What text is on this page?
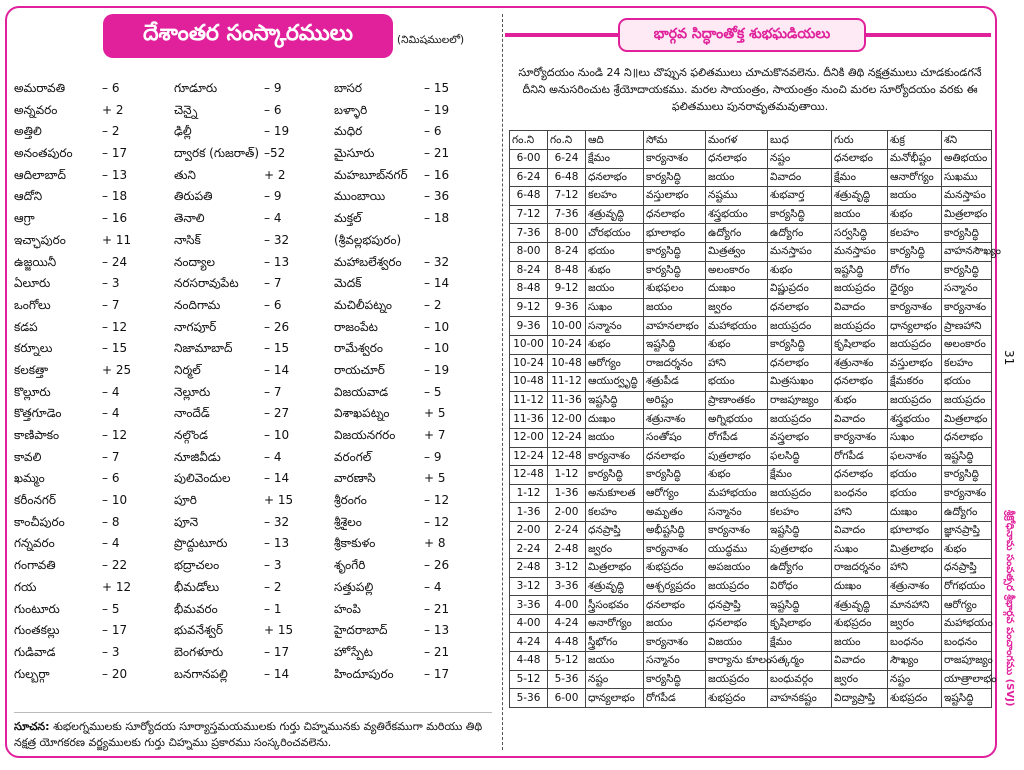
దేశాంతర సంస్కారములు	(నిమిషములలో)	భార్గవ సిద్ధాంతోక్త శుభఘడియలు
అమరావతి	– 6	గూడూరు	– 9	బాసర	– 15
అన్నవరం	+ 2	చెన్నై	– 6	బళ్ళారి	– 19
అత్తిలి	– 2	ఢిల్లీ	– 19	మధిర	– 6
అనంతపురం – 17	ద్వారక (గుజరాత్) –52	మైసూరు	– 21
ఆదిలాబాద్	– 13	తుని	+ 2	మహబూబ్‌నగర్ – 16
ఆదోని	– 18	తిరుపతి	– 9	ముంబాయి	– 36
ఆగ్రా	– 16	తెనాలి	– 4	మక్తల్	– 18
ఇచ్ఛాపురం	+ 11	నాసిక్	– 32	(శ్రీవల్లభపురం)
ఉజ్జయినీ	– 24	నంద్యాల	– 13	మహాబలేశ్వరం – 32
ఏలూరు	– 3	నరసరావుపేట – 7	మెదక్	– 14
ఒంగోలు	– 7	నందిగామ	– 6	మచిలీపట్నం	– 2
కడప	– 12	నాగపూర్	– 26	రాజంపేట	– 10
కర్నూలు	– 15	నిజామాబాద్	– 15	రామేశ్వరం	– 10
కలకత్తా	+ 25	నిర్మల్	– 14	రాయచూర్	– 19
కొల్లూరు	– 4	నెల్లూరు	– 7	విజయవాడ	– 5
కొత్తగూడెం	– 4	నాందేడ్	– 27	విశాఖపట్నం	+ 5
కాణిపాకం	– 12	నల్గొండ	– 10	విజయనగరం + 7
కావలి	– 7	నూజివీడు	– 4	వరంగల్	– 9
ఖమ్మం	– 6	పులివెందుల	– 14	వారణాసి	+ 5
కరీంనగర్	– 10	పూరి	+ 15	శ్రీరంగం	– 12
కాంచీపురం	– 8	పూనె	– 32	శ్రీశైలం	– 12
గన్నవరం	– 4	ప్రొద్దుటూరు	– 13	శ్రీకాకుళం	+ 8
గంగావతి	– 22	భద్రాచలం	– 3	శృంగేరి	– 26
గయ	+ 12	భీమడోలు	– 2	సత్తుపల్లి	– 4
గుంటూరు	– 5	భీమవరం	– 1	హంపి	– 21
గుంతకల్లు	– 17	భువనేశ్వర్	+ 15	హైదరాబాద్	– 13
గుడివాడ	– 3	బెంగళూరు	– 17	హోస్పేట	– 21
గుల్బర్గా	– 20	బనగానపల్లి	– 14	హిందూపురం	– 17
సూచన: శుభలగ్నములకు సూర్యోదయ సూర్యాస్తమయములకు గుర్తు చిహ్నమునకు వ్యతిరేకముగా మరియు తిథి నక్షత్ర యోగకరణ వర్జ్యములకు గుర్తు చిహ్నము ప్రకారము సంస్కరించవలెను.
సూర్యోదయం నుండి 24 ని॥లు చొప్పున ఫలితములు చూచుకొనవలెను. దీనికి తిథి నక్షత్రములు చూడకుండగనే దీనిని అనుసరించుట శ్రేయోదాయకము. మరల సాయంత్రం, సాయంత్రం నుంచి మరల సూర్యోదయం వరకు ఈ ఫలితములు పునరావృతమవుతాయి.
గం.ని	గం.ని	ఆది	సోమ	మంగళ	బుధ	గురు	శుక్ర	శని
6-00	6-24	క్షేమం	కార్యనాశం	ధనలాభం	నష్టం	ధనలాభం	మనోభీష్టం	అతిభయం
6-24	6-48	ధనలాభం	కార్యసిద్ధి	జయం	వివాదం	క్షేమం	ఆనారోగ్యం	సుఖము
6-48	7-12	కలహం	వస్తులాభం	నష్టము	శుభవార్త	శత్రువృద్ధి	జయం	మనస్తాపం
7-12	7-36	శత్రువృద్ధి	ధనలాభం	శస్త్రభయం	కార్యసిద్ధి	జయం	శుభం	మిత్రలాభం
7-36	8-00	చోరభయం	భూలాభం	ఉద్యోగం	ఉద్యోగం	సర్వసిద్ధి	కలహం	కార్యసిద్ధి
8-00	8-24	భయం	కార్యసిద్ధి	మిత్రత్వం	మనస్తాపం	మనస్తాపం	కార్యసిద్ధి	వాహనసౌఖ్యం
8-24	8-48	శుభం	కార్యసిద్ధి	అలంకారం	శుభం	ఇష్టసిద్ధి	రోగం	కార్యసిద్ధి
8-48	9-12	జయం	శుభఫలం	దుఃఖం	విష్ణుప్రదం	జయప్రదం	ధైర్యం	సన్మానం
9-12	9-36	సుఖం	జయం	జ్వరం	ధనలాభం	వివాదం	కార్యనాశం	కార్యనాశం
9-36	10-00	సన్మానం	వాహనలాభం	మహాభయం	జయప్రదం	జయప్రదం	ధాన్యలాభం	ప్రాణహాని
10-00	10-24	శుభం	ఇష్టసిద్ధి	శుభం	కార్యసిద్ధి	కృషిలాభం	జయప్రదం	అలంకారం
10-24	10-48	ఆరోగ్యం	రాజదర్శనం	హాని	ధనలాభం	శత్రునాశం	వస్తులాభం	కలహం
10-48	11-12	ఆయుర్వృద్ధి	శత్రుపీడ	భయం	మిత్రసుఖం	ధనలాభం	క్షేమకరం	భయం
11-12	11-36	ఇష్టసిద్ధి	అరిష్టం	ప్రాణాంతకం	రాజపూజ్యం	శుభం	జయప్రదం	జయప్రదం
11-36	12-00	దుఃఖం	శత్రునాశం	అగ్నిభయం	జయప్రదం	వివాదం	శస్త్రభయం	మిత్రలాభం
12-00	12-24	జయం	సంతోషం	రోగపీడ	వస్త్రలాభం	కార్యనాశం	సుఖం	ధనలాభం
12-24	12-48	కార్యనాశం	ధనలాభం	పుత్రలాభం	ఫలసిద్ధి	రోగపీడ	ఫలనాశం	ఇష్టసిద్ధి
12-48	1-12	కార్యసిద్ధి	కార్యసిద్ధి	శుభం	క్షేమం	ధనలాభం	భయం	కార్యసిద్ధి
1-12	1-36	అనుకూలత	ఆరోగ్యం	మహాభయం	జయప్రదం	బంధనం	భయం	కార్యనాశం
1-36	2-00	కలహం	అమృతం	సన్మానం	కలహం	హాని	దుఃఖం	ఉద్యోగం
2-00	2-24	ధనప్రాప్తి	అభీష్టసిద్ధి	కార్యనాశం	ఇష్టసిద్ధి	వివాదం	భూలాభం	జ్ఞానప్రాప్తి
2-24	2-48	జ్వరం	కార్యనాశం	యుద్ధము	పుత్రలాభం	సుఖం	మిత్రలాభం	శుభం
2-48	3-12	మిత్రలాభం	శుభప్రదం	అపజయం	ఉద్యోగం	రాజదర్శనం	హాని	ధనప్రాప్తి
3-12	3-36	శత్రువృద్ధి	ఆశ్చర్యప్రదం	జయప్రదం	విరోధం	దుఃఖం	శత్రునాశం	రోగభయం
3-36	4-00	స్త్రీసంభవం	ధనలాభం	ధనప్రాప్తి	ఇష్టసిద్ధి	శత్రువృద్ధి	మానహాని	ఆరోగ్యం
4-00	4-24	అనారోగ్యం	జయం	ధనలాభం	కృషిలాభం	శుభప్రదం	జ్వరం	మహాభయం
4-24	4-48	స్త్రీభోగం	కార్యనాశం	విజయం	క్షేమం	జయం	బంధనం	బంధనం
4-48	5-12	జయం	సన్మానం	కార్యాను కూలం	సత్కర్మం	వివాదం	సౌఖ్యం	రాజపూజ్యం
5-12	5-36	నష్టం	కార్యసిద్ధి	జయప్రదం	బంధువర్గం	జ్వరం	నష్టం	యాత్రాలాభం
5-36	6-00	ధాన్యలాభం	రోగపీడ	శుభప్రదం	వాహనకష్టం	విద్యాప్రాప్తి	శుభప్రదం	ఇష్టసిద్ధి
31
శ్రీక్రోధినామ సంవత్సర శ్రీభార్గవ పంచాంగము (SVJ)
